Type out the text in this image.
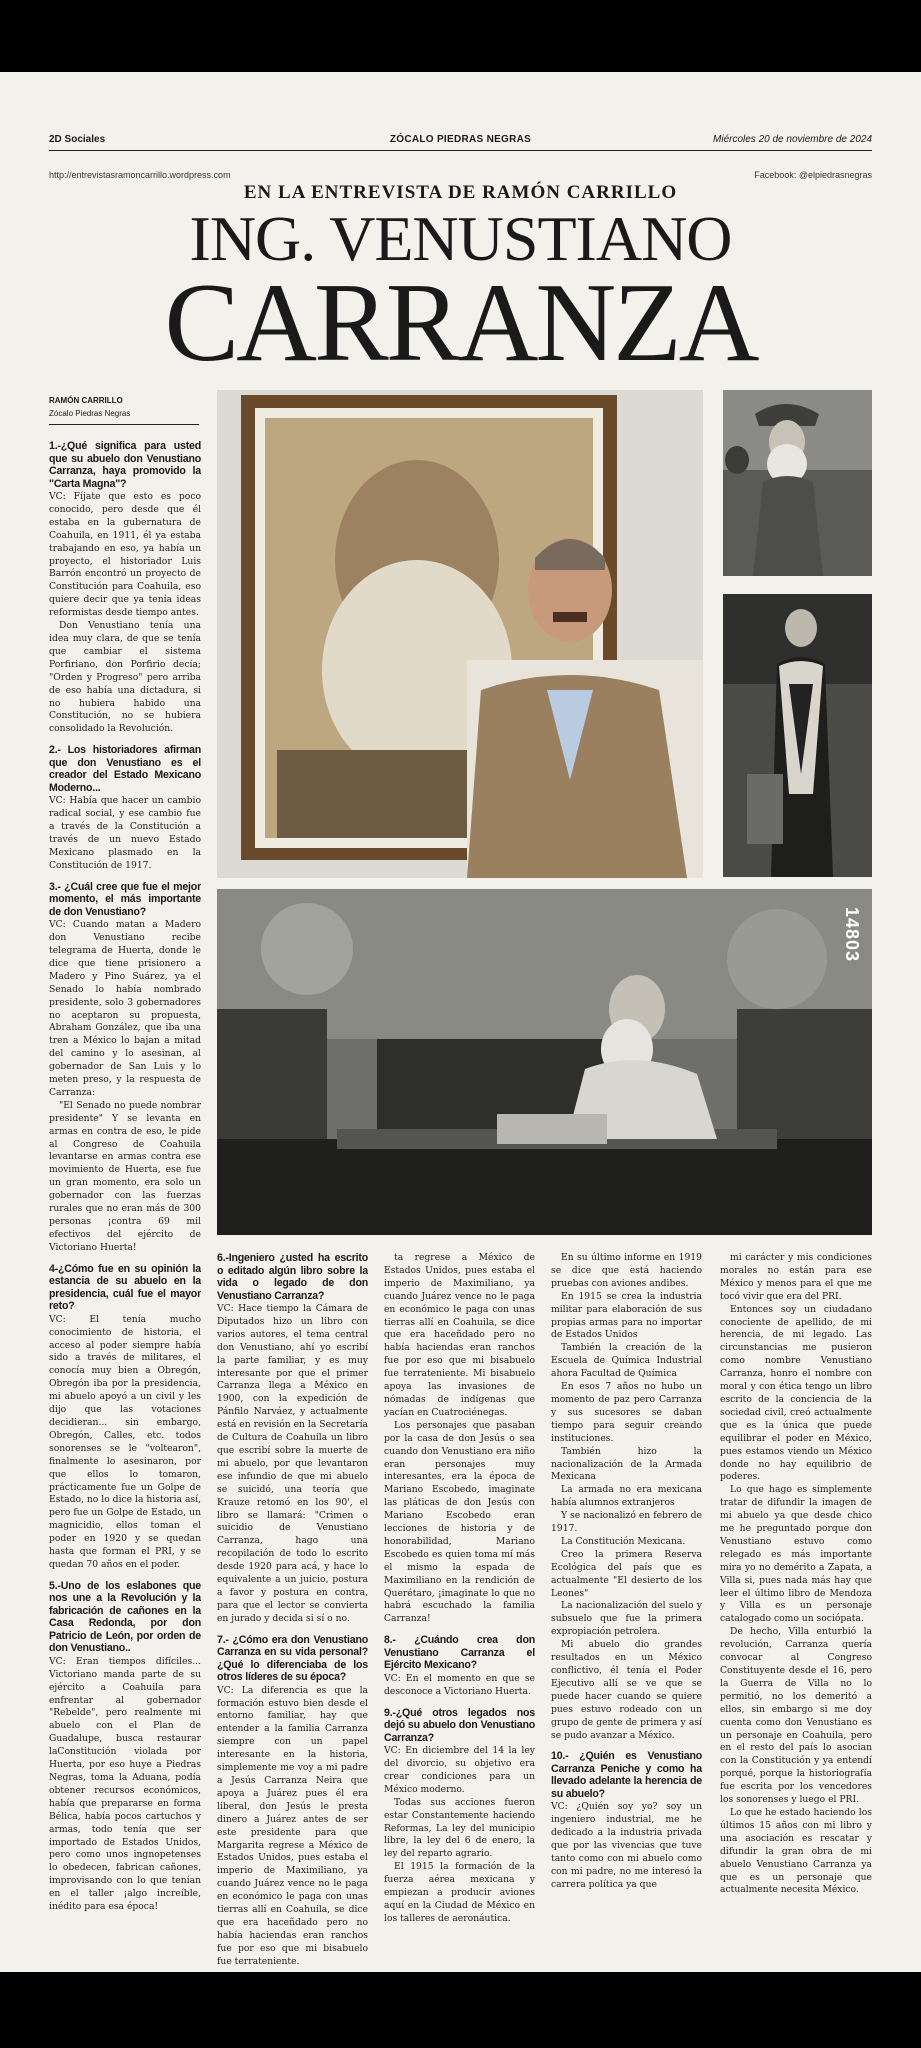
2D Sociales	ZÓCALO PIEDRAS NEGRAS	Miércoles 20 de noviembre de 2024
http://entrevistasramoncarrillo.wordpress.com	Facebook: @elpiedrasnegras
EN LA ENTREVISTA DE RAMÓN CARRILLO
ING. VENUSTIANO
CARRANZA
RAMÓN CARRILLO
Zócalo Piedras Negras
14803
1.-¿Qué significa para usted que su abuelo don Venustiano Carranza, haya promovido la "Carta Magna"?

VC: Fíjate que esto es poco conocido, pero desde que él estaba en la gubernatura de Coahuila, en 1911, él ya estaba trabajando en eso, ya había un proyecto, el historiador Luis Barrón encontró un proyecto de Constitución para Coahuila, eso quiere decir que ya tenía ideas reformistas desde tiempo antes.

Don Venustiano tenía una idea muy clara, de que se tenía que cambiar el sistema Porfiriano, don Porfirio decía; "Orden y Progreso" pero arriba de eso había una dictadura, si no hubiera habido una Constitución, no se hubiera consolidado la Revolución.

2.- Los historiadores afirman que don Venustiano es el creador del Estado Mexicano Moderno...

VC: Había que hacer un cambio radical social, y ese cambio fue a través de la Constitución a través de un nuevo Estado Mexicano plasmado en la Constitución de 1917.

3.- ¿Cuál cree que fue el mejor momento, el más importante de don Venustiano?

VC: Cuando matan a Madero don Venustiano recibe telegrama de Huerta, donde le dice que tiene prisionero a Madero y Pino Suárez, ya el Senado lo había nombrado presidente, solo 3 gobernadores no aceptaron su propuesta, Abraham González, que iba una tren a México lo bajan a mitad del camino y lo asesinan, al gobernador de San Luis y lo meten preso, y la respuesta de Carranza:

"El Senado no puede nombrar presidente" Y se levanta en armas en contra de eso, le pide al Congreso de Coahuila levantarse en armas contra ese movimiento de Huerta, ese fue un gran momento, era solo un gobernador con las fuerzas rurales que no eran más de 300 personas ¡contra 69 mil efectivos del ejército de Victoriano Huerta!

4-¿Cómo fue en su opinión la estancia de su abuelo en la presidencia, cuál fue el mayor reto?

VC: El tenía mucho conocimiento de historia, el acceso al poder siempre había sido a través de militares, el conocía muy bien a Obregón, Obregón iba por la presidencia, mi abuelo apoyó a un civil y les dijo que las votaciones decidieran... sin embargo, Obregón, Calles, etc. todos sonorenses se le "voltearon", finalmente lo asesinaron, por que ellos lo tomaron, prácticamente fue un Golpe de Estado, no lo dice la historia así, pero fue un Golpe de Estado, un magnicidio, ellos toman el poder en 1920 y se quedan hasta que forman el PRI, y se quedan 70 años en el poder.

5.-Uno de los eslabones que nos une a la Revolución y la fabricación de cañones en la Casa Redonda, por don Patricio de León, por orden de don Venustiano..

VC: Eran tiempos difíciles... Victoriano manda parte de su ejército a Coahuila para enfrentar al gobernador "Rebelde", pero realmente mi abuelo con el Plan de Guadalupe, busca restaurar laConstitución violada por Huerta, por eso huye a Piedras Negras, toma la Aduana, podía obtener recursos económicos, había que prepararse en forma Bélica, había pocos cartuchos y armas, todo tenía que ser importado de Estados Unidos, pero como unos ingnopetenses lo obedecen, fabrican cañones, improvisando con lo que tenían en el taller ¡algo increíble, inédito para esa época!

6.-Ingeniero ¿usted ha escrito o editado algún libro sobre la vida o legado de don Venustiano Carranza?

VC: Hace tiempo la Cámara de Diputados hizo un libro con varios autores, el tema central don Venustiano, ahí yo escribí la parte familiar, y es muy interesante por que el primer Carranza llega a México en 1900, con la expedición de Pánfilo Narváez, y actualmente está en revisión en la Secretaría de Cultura de Coahuila un libro que escribí sobre la muerte de mi abuelo, por que levantaron ese infundio de que mi abuelo se suicidó, una teoría que Krauze retomó en los 90', el libro se llamará: "Crimen o suicidio de Venustiano Carranza, hago una recopilación de todo lo escrito desde 1920 para acá, y hace lo equivalente a un juicio, postura a favor y postura en contra, para que el lector se convierta en jurado y decida si sí o no.

7.- ¿Cómo era don Venustiano Carranza en su vida personal? ¿Qué lo diferenciaba de los otros líderes de su época?

VC: La diferencia es que la formación estuvo bien desde el entorno familiar, hay que entender a la familia Carranza siempre con un papel interesante en la historia, simplemente me voy a mi padre a Jesús Carranza Neira que apoya a Juárez pues él era liberal, don Jesús le presta dinero a Juárez antes de ser este presidente para que Margarita regrese a México de Estados Unidos, pues estaba el imperio de Maximiliano, ya cuando Juárez vence no le paga en económico le paga con unas tierras allí en Coahuila, se dice que era haceñdado pero no había haciendas eran ranchos fue por eso que mi bisabuelo fue terrateniente.

ta regrese a México de Estados Unidos, pues estaba el imperio de Maximiliano, ya cuando Juárez vence no le paga en económico le paga con unas tierras allí en Coahuila, se dice que era haceñdado pero no había haciendas eran ranchos fue por eso que mi bisabuelo fue terrateniente. Mi bisabuelo apoya las invasiones de nómadas de indígenas que yacían en Cuatrociénegas.

Los personajes que pasaban por la casa de don Jesús o sea cuando don Venustiano era niño eran personajes muy interesantes, era la época de Mariano Escobedo, imaginate las pláticas de don Jesús con Mariano Escobedo eran lecciones de historia y de honorabilidad, Mariano Escobedo es quien toma mí más el mismo la espada de Maximiliano en la rendición de Querétaro, ¡imaginate lo que no habrá escuchado la familia Carranza!

8.- ¿Cuándo crea don Venustiano Carranza el Ejército Mexicano?

VC: En el momento en que se desconoce a Victoriano Huerta.

9.-¿Qué otros legados nos dejó su abuelo don Venustiano Carranza?

VC: En diciembre del 14 la ley del divorcio, su objetivo era crear condiciones para un México moderno.

Todas sus acciones fueron estar Constantemente haciendo Reformas, La ley del municipio libre, la ley del 6 de enero, la ley del reparto agrario.

El 1915 la formación de la fuerza aérea mexicana y empiezan a producir aviones aquí en la Ciudad de México en los talleres de aeronáutica.

En su último informe en 1919 se dice que está haciendo pruebas con aviones andibes.

En 1915 se crea la industria militar para elaboración de sus propias armas para no importar de Estados Unidos

También la creación de la Escuela de Química Industrial ahora Facultad de Química

En esos 7 años no hubo un momento de paz pero Carranza y sus sucesores se daban tiempo para seguir creando instituciones.

También hizo la nacionalización de la Armada Mexicana

La armada no era mexicana había alumnos extranjeros

Y se nacionalizó en febrero de 1917.

La Constitución Mexicana.

Creo la primera Reserva Ecológica del país que es actualmente "El desierto de los Leones"

La nacionalización del suelo y subsuelo que fue la primera expropiación petrolera.

Mi abuelo dio grandes resultados en un México conflictivo, él tenía el Poder Ejecutivo allí se ve que se puede hacer cuando se quiere pues estuvo rodeado con un grupo de gente de primera y así se pudo avanzar a México.

10.- ¿Quién es Venustiano Carranza Peniche y como ha llevado adelante la herencia de su abuelo?

VC: ¿Quién soy yo? soy un ingeniero industrial, me he dedicado a la industria privada que por las vivencias que tuve tanto como con mi abuelo como con mi padre, no me interesó la carrera política ya que

mi carácter y mis condiciones morales no están para ese México y menos para el que me tocó vivir que era del PRI.

Entonces soy un ciudadano conociente de apellido, de mi herencia, de mi legado. Las circunstancias me pusieron como nombre Venustiano Carranza, honro el nombre con moral y con ética tengo un libro escrito de la conciencia de la sociedad civil, creó actualmente que es la única que puede equilibrar el poder en México, pues estamos viendo un México donde no hay equilibrio de poderes.

Lo que hago es simplemente tratar de difundir la imagen de mi abuelo ya que desde chico me he preguntado porque don Venustiano estuvo como relegado es más importante mira yo no demérito a Zapata, a Villa si, pues nada más hay que leer el último libro de Mendoza y Villa es un personaje catalogado como un sociópata.

De hecho, Villa enturbió la revolución, Carranza quería convocar al Congreso Constituyente desde el 16, pero la Guerra de Villa no lo permitió, no los demeritó a ellos, sin embargo si me doy cuenta como don Venustiano es un personaje en Coahuila, pero en el resto del país lo asocian con la Constitución y ya entendí porqué, porque la historiografía fue escrita por los vencedores los sonorenses y luego el PRI.

Lo que he estado haciendo los últimos 15 años con mi libro y una asociación es rescatar y difundir la gran obra de mi abuelo Venustiano Carranza ya que es un personaje que actualmente necesita México.
